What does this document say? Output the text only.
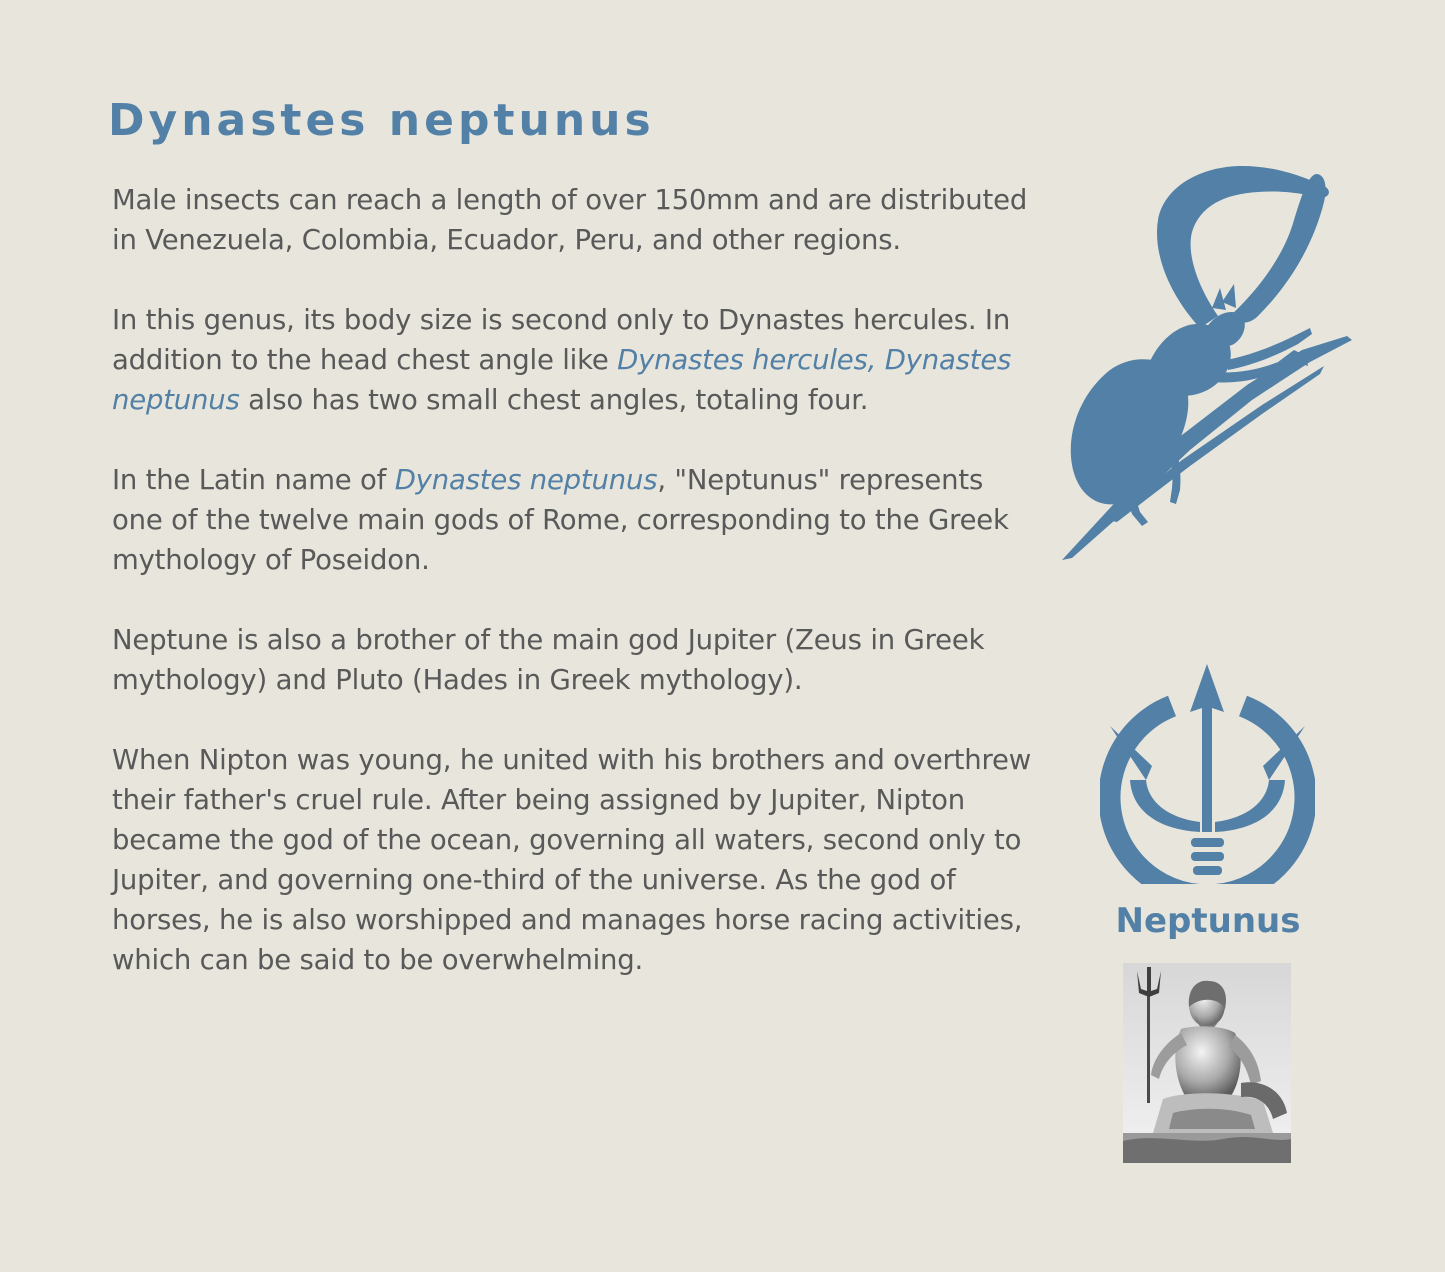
Dynastes neptunus

Male insects can reach a length of over 150mm and are distributed in Venezuela, Colombia, Ecuador, Peru, and other regions.

In this genus, its body size is second only to Dynastes hercules. In addition to the head chest angle like Dynastes hercules, Dynastes neptunus also has two small chest angles, totaling four.

In the Latin name of Dynastes neptunus, "Neptunus" represents one of the twelve main gods of Rome, corresponding to the Greek mythology of Poseidon.

Neptune is also a brother of the main god Jupiter (Zeus in Greek mythology) and Pluto (Hades in Greek mythology).

When Nipton was young, he united with his brothers and overthrew their father's cruel rule. After being assigned by Jupiter, Nipton became the god of the ocean, governing all waters, second only to Jupiter, and governing one-third of the universe. As the god of horses, he is also worshipped and manages horse racing activities, which can be said to be overwhelming.

Neptunus
